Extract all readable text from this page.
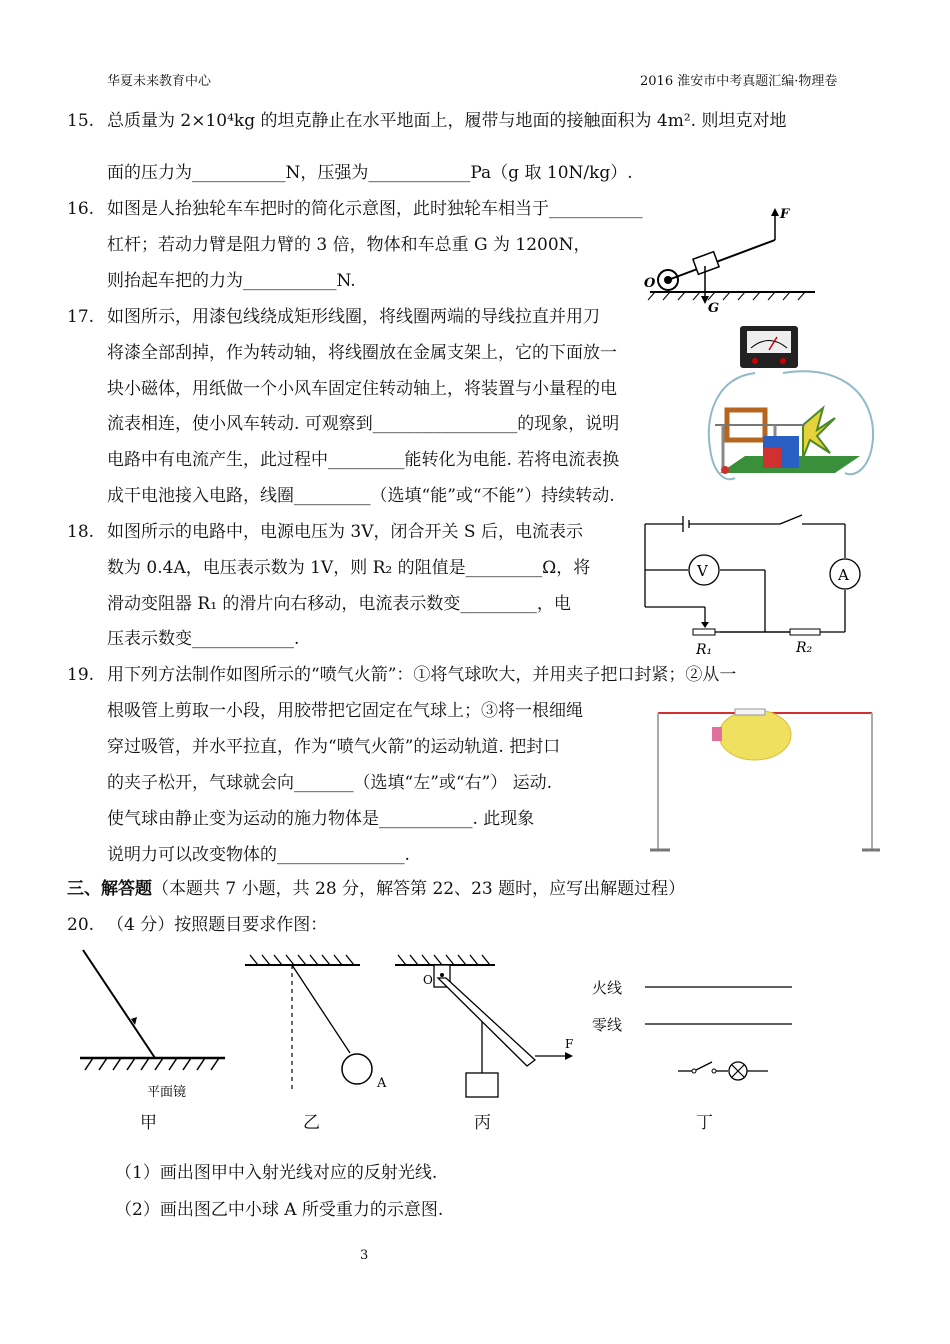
华夏未来教育中心	2016 淮安市中考真题汇编·物理卷
15. 总质量为 2×10⁴kg 的坦克静止在水平地面上，履带与地面的接触面积为 4m². 则坦克对地
面的压力为___________N，压强为____________Pa（g 取 10N/kg）.
16. 如图是人抬独轮车车把时的简化示意图，此时独轮车相当于___________
杠杆；若动力臂是阻力臂的 3 倍，物体和车总重 G 为 1200N，
则抬起车把的力为___________N.
F
O
G
17. 如图所示，用漆包线绕成矩形线圈，将线圈两端的导线拉直并用刀
将漆全部刮掉，作为转动轴，将线圈放在金属支架上，它的下面放一
块小磁体，用纸做一个小风车固定住转动轴上，将装置与小量程的电
流表相连，使小风车转动. 可观察到_________________的现象，说明
电路中有电流产生，此过程中_________能转化为电能. 若将电流表换
成干电池接入电路，线圈_________（选填“能”或“不能”）持续转动.
18. 如图所示的电路中，电源电压为 3V，闭合开关 S 后，电流表示
数为 0.4A，电压表示数为 1V，则 R₂ 的阻值是_________Ω，将
滑动变阻器 R₁ 的滑片向右移动，电流表示数变_________，电
压表示数变____________.
V	A
R₁	R₂
19. 用下列方法制作如图所示的“喷气火箭”：①将气球吹大，并用夹子把口封紧；②从一
根吸管上剪取一小段，用胶带把它固定在气球上；③将一根细绳
穿过吸管，并水平拉直，作为“喷气火箭”的运动轨道. 把封口
的夹子松开，气球就会向_______（选填“左”或“右”） 运动.
使气球由静止变为运动的施力物体是___________. 此现象
说明力可以改变物体的_______________.
三、解答题（本题共 7 小题，共 28 分，解答第 22、23 题时，应写出解题过程）
20. （4 分）按照题目要求作图：
平面镜
甲
A
乙
O
F
丙
火线
零线
丁
（1）画出图甲中入射光线对应的反射光线.
（2）画出图乙中小球 A 所受重力的示意图.
3
